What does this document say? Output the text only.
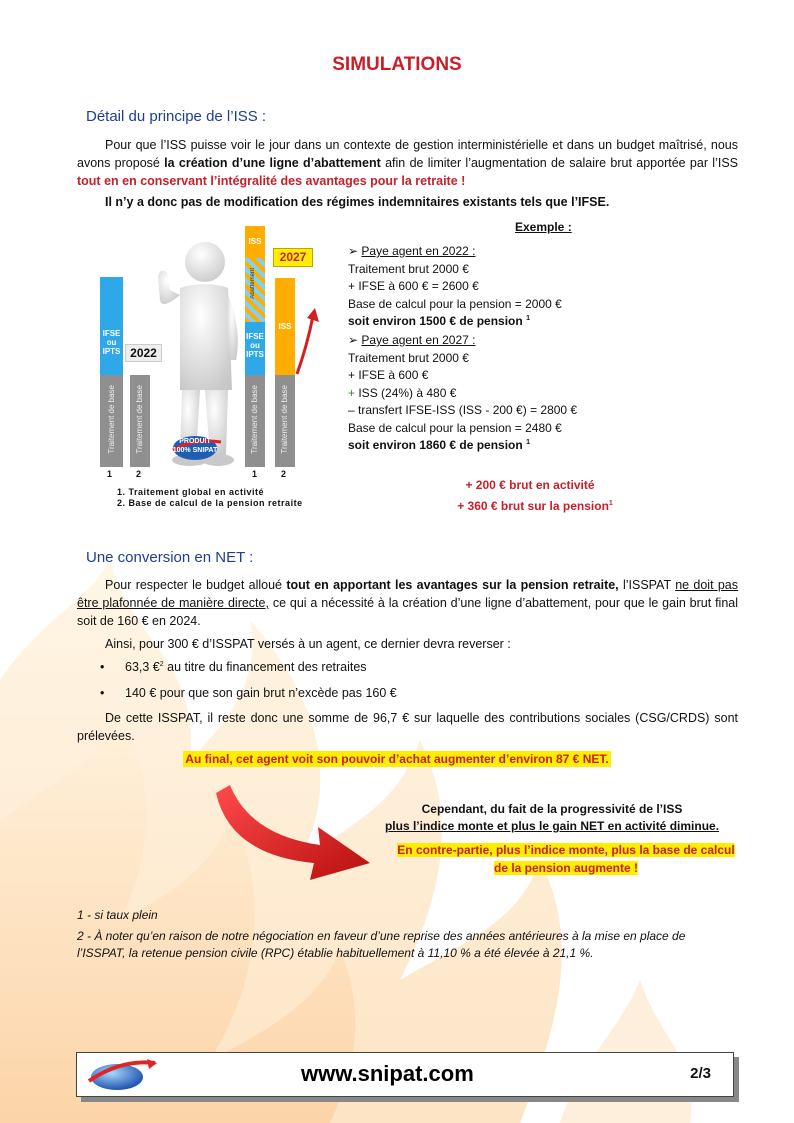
SIMULATIONS
Détail du principe de l’ISS :
Pour que l’ISS puisse voir le jour dans un contexte de gestion interministérielle et dans un budget maîtrisé, nous avons proposé la création d’une ligne d’abattement afin de limiter l’augmentation de salaire brut apportée par l’ISS tout en en conservant l’intégralité des avantages pour la retraite !
Il n’y a donc pas de modification des régimes indemnitaires existants tels que l’IFSE.
IFSE ou IPTS
Traitement de base Traitement de base
2022
1	2
PRODUIT
100% SNIPAT
ISS
Abattement
IFSE ou IPTS
Traitement de base
2027
ISS
Traitement de base
1	2
1. Traitement global en activité
2. Base de calcul de la pension retraite
Exemple :
➢ Paye agent en 2022 :
Traitement brut 2000 €
+ IFSE à 600 € = 2600 €
Base de calcul pour la pension = 2000 €
soit environ 1500 € de pension $^1$
➢ Paye agent en 2027 :
Traitement brut 2000 €
+ IFSE à 600 €
+ ISS (24%) à 480 €
– transfert IFSE-ISS (ISS - 200 €) = 2800 €
Base de calcul pour la pension = 2480 €
soit environ 1860 € de pension $^1$
+ 200 € brut en activité
+ 360 € brut sur la pension$^1$
Une conversion en NET :
Pour respecter le budget alloué tout en apportant les avantages sur la pension retraite, l’ISSPAT ne doit pas être plafonnée de manière directe, ce qui a nécessité à la création d’une ligne d’abattement, pour que le gain brut final soit de 160 € en 2024.
Ainsi, pour 300 € d’ISSPAT versés à un agent, ce dernier devra reverser :
• 63,3 €$^2$ au titre du financement des retraites
• 140 € pour que son gain brut n’excède pas 160 €
De cette ISSPAT, il reste donc une somme de 96,7 € sur laquelle des contributions sociales (CSG/CRDS) sont prélevées.
Au final, cet agent voit son pouvoir d’achat augmenter d’environ 87 € NET.
Cependant, du fait de la progressivité de l’ISS
plus l’indice monte et plus le gain NET en activité diminue.
En contre-partie, plus l’indice monte, plus la base de calcul
de la pension augmente !
1 - si taux plein
2 - À noter qu’en raison de notre négociation en faveur d’une reprise des années antérieures à la mise en place de l’ISSPAT, la retenue pension civile (RPC) établie habituellement à 11,10 % a été élevée à 21,1 %.
www.snipat.com	2/3
